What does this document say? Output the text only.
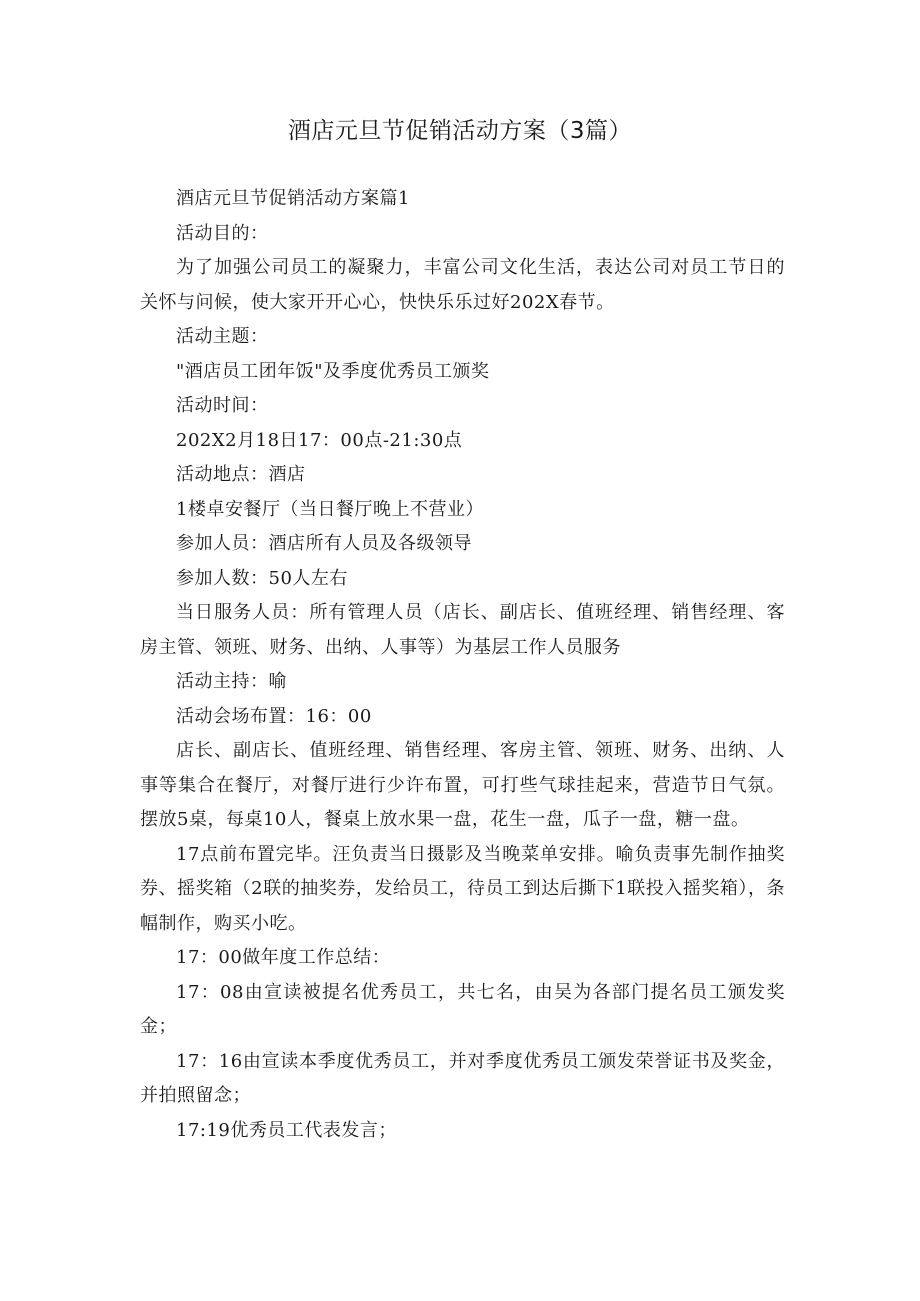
酒店元旦节促销活动方案（3篇）

酒店元旦节促销活动方案篇1

活动目的：

为了加强公司员工的凝聚力，丰富公司文化生活，表达公司对员工节日的关怀与问候，使大家开开心心，快快乐乐过好202X春节。

活动主题：

"酒店员工团年饭"及季度优秀员工颁奖

活动时间：

202X2月18日17：00点-21:30点

活动地点：酒店

1楼卓安餐厅（当日餐厅晚上不营业）

参加人员：酒店所有人员及各级领导

参加人数：50人左右

当日服务人员：所有管理人员（店长、副店长、值班经理、销售经理、客房主管、领班、财务、出纳、人事等）为基层工作人员服务

活动主持：喻

活动会场布置：16：00

店长、副店长、值班经理、销售经理、客房主管、领班、财务、出纳、人事等集合在餐厅，对餐厅进行少许布置，可打些气球挂起来，营造节日气氛。摆放5桌，每桌10人，餐桌上放水果一盘，花生一盘，瓜子一盘，糖一盘。

17点前布置完毕。汪负责当日摄影及当晚菜单安排。喻负责事先制作抽奖券、摇奖箱（2联的抽奖券，发给员工，待员工到达后撕下1联投入摇奖箱），条幅制作，购买小吃。

17：00做年度工作总结：

17：08由宣读被提名优秀员工，共七名，由吴为各部门提名员工颁发奖金；

17：16由宣读本季度优秀员工，并对季度优秀员工颁发荣誉证书及奖金，并拍照留念；

17:19优秀员工代表发言；
